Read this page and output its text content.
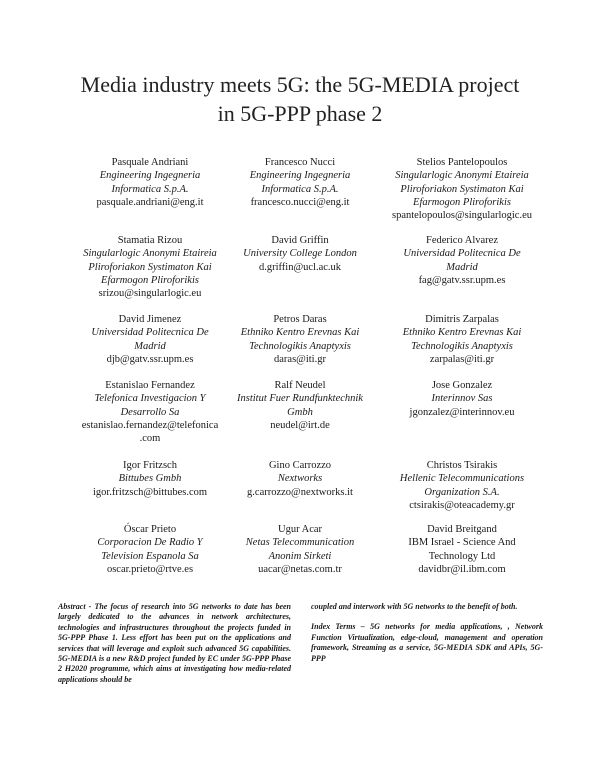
Media industry meets 5G: the 5G-MEDIA project
in 5G-PPP phase 2
Pasquale Andriani
Engineering Ingegneria
Informatica S.p.A.
pasquale.andriani@eng.it
Francesco Nucci
Engineering Ingegneria
Informatica S.p.A.
francesco.nucci@eng.it
Stelios Pantelopoulos
Singularlogic Anonymi Etaireia
Pliroforiakon Systimaton Kai
Efarmogon Pliroforikis
spantelopoulos@singularlogic.eu
Stamatia Rizou
Singularlogic Anonymi Etaireia
Pliroforiakon Systimaton Kai
Efarmogon Pliroforikis
srizou@singularlogic.eu
David Griffin
University College London
d.griffin@ucl.ac.uk
Federico Alvarez
Universidad Politecnica De
Madrid
fag@gatv.ssr.upm.es
David Jimenez
Universidad Politecnica De
Madrid
djb@gatv.ssr.upm.es
Petros Daras
Ethniko Kentro Erevnas Kai
Technologikis Anaptyxis
daras@iti.gr
Dimitris Zarpalas
Ethniko Kentro Erevnas Kai
Technologikis Anaptyxis
zarpalas@iti.gr
Estanislao Fernandez
Telefonica Investigacion Y
Desarrollo Sa
estanislao.fernandez@telefonica
.com
Ralf Neudel
Institut Fuer Rundfunktechnik
Gmbh
neudel@irt.de
Jose Gonzalez
Interinnov Sas
jgonzalez@interinnov.eu
Igor Fritzsch
Bittubes Gmbh
igor.fritzsch@bittubes.com
Gino Carrozzo
Nextworks
g.carrozzo@nextworks.it
Christos Tsirakis
Hellenic Telecommunications
Organization S.A.
ctsirakis@oteacademy.gr
Óscar Prieto
Corporacion De Radio Y
Television Espanola Sa
oscar.prieto@rtve.es
Ugur Acar
Netas Telecommunication
Anonim Sirketi
uacar@netas.com.tr
David Breitgand
IBM Israel - Science And
Technology Ltd
davidbr@il.ibm.com

Abstract - The focus of research into 5G networks to date has been largely dedicated to the advances in network architectures, technologies and infrastructures throughout the projects funded in 5G-PPP Phase 1. Less effort has been put on the applications and services that will leverage and exploit such advanced 5G capabilities. 5G-MEDIA is a new R&D project funded by EC under 5G-PPP Phase 2 H2020 programme, which aims at investigating how media-related applications should be

coupled and interwork with 5G networks to the benefit of both.

Index Terms – 5G networks for media applications, , Network Function Virtualization, edge-cloud, management and operation framework, Streaming as a service, 5G-MEDIA SDK and APIs, 5G-PPP
